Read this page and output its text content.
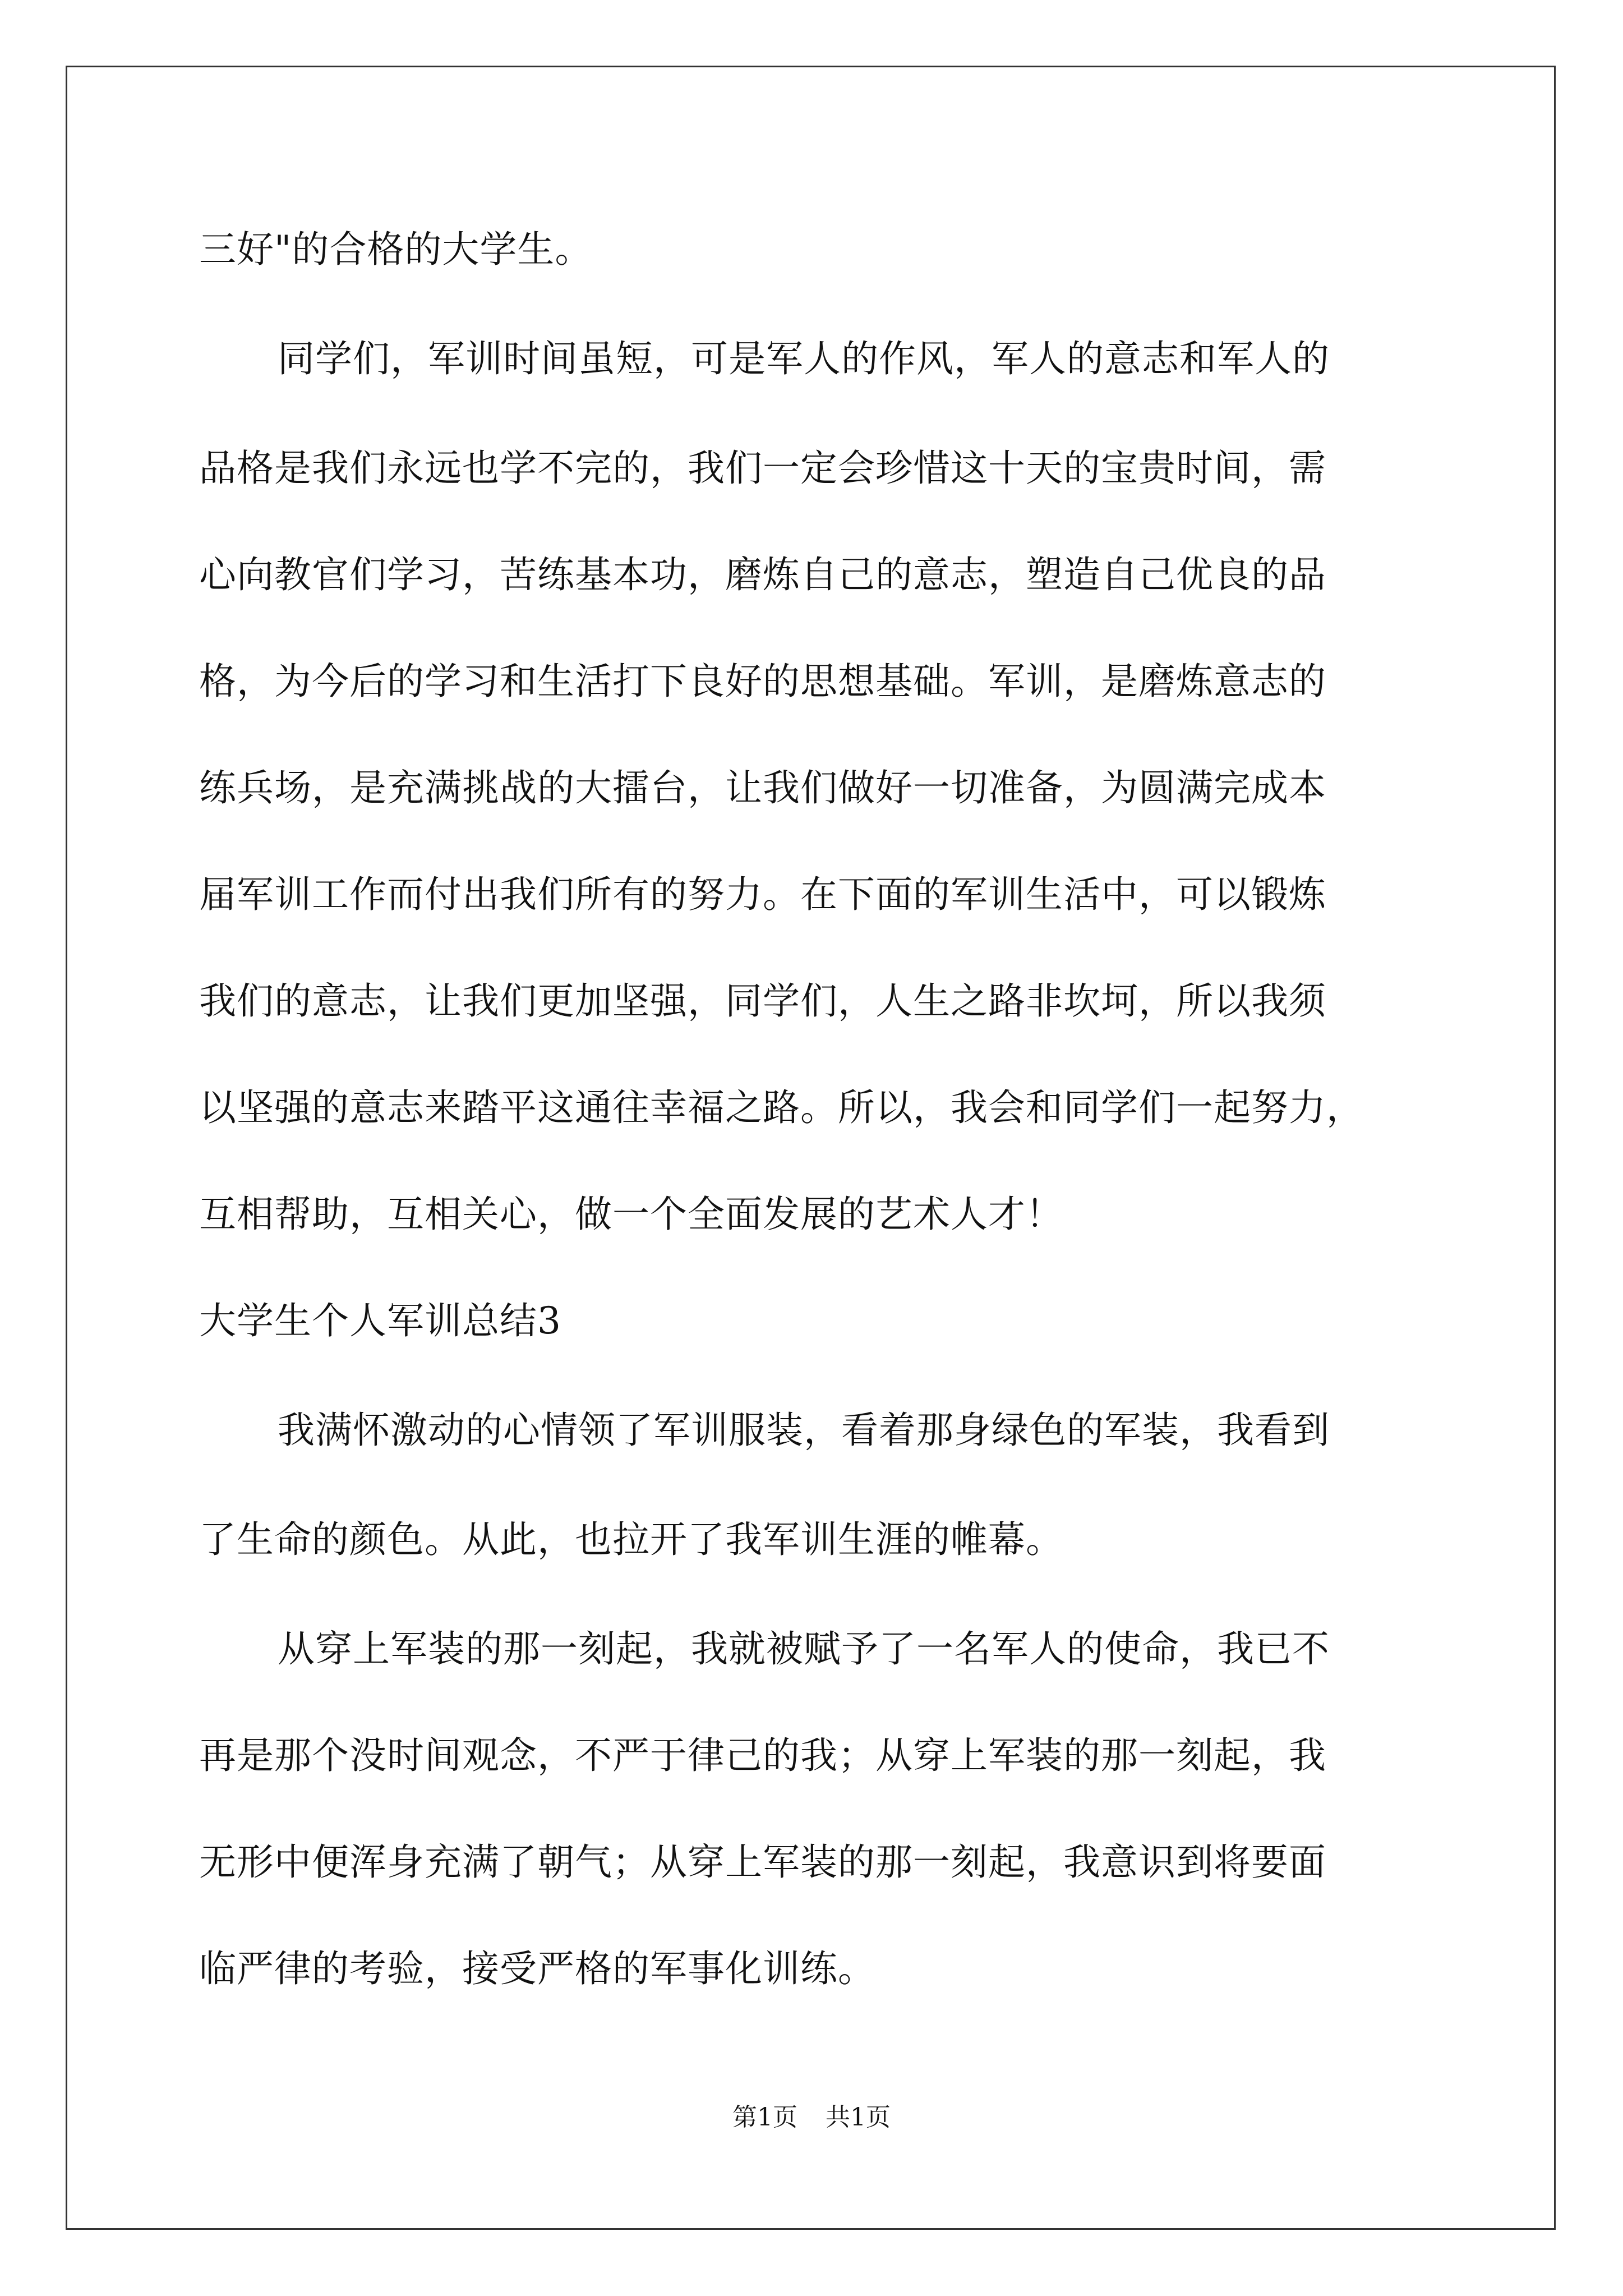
三好"的合格的大学生。
同学们，军训时间虽短，可是军人的作风，军人的意志和军人的
品格是我们永远也学不完的，我们一定会珍惜这十天的宝贵时间，需
心向教官们学习，苦练基本功，磨炼自己的意志，塑造自己优良的品
格，为今后的学习和生活打下良好的思想基础。军训，是磨炼意志的
练兵场，是充满挑战的大擂台，让我们做好一切准备，为圆满完成本
届军训工作而付出我们所有的努力。在下面的军训生活中，可以锻炼
我们的意志，让我们更加坚强，同学们，人生之路非坎坷，所以我须
以坚强的意志来踏平这通往幸福之路。所以，我会和同学们一起努力，
互相帮助，互相关心，做一个全面发展的艺术人才！
大学生个人军训总结3
我满怀激动的心情领了军训服装，看着那身绿色的军装，我看到
了生命的颜色。从此，也拉开了我军训生涯的帷幕。
从穿上军装的那一刻起，我就被赋予了一名军人的使命，我已不
再是那个没时间观念，不严于律己的我；从穿上军装的那一刻起，我
无形中便浑身充满了朝气；从穿上军装的那一刻起，我意识到将要面
临严律的考验，接受严格的军事化训练。
第1页 共1页
